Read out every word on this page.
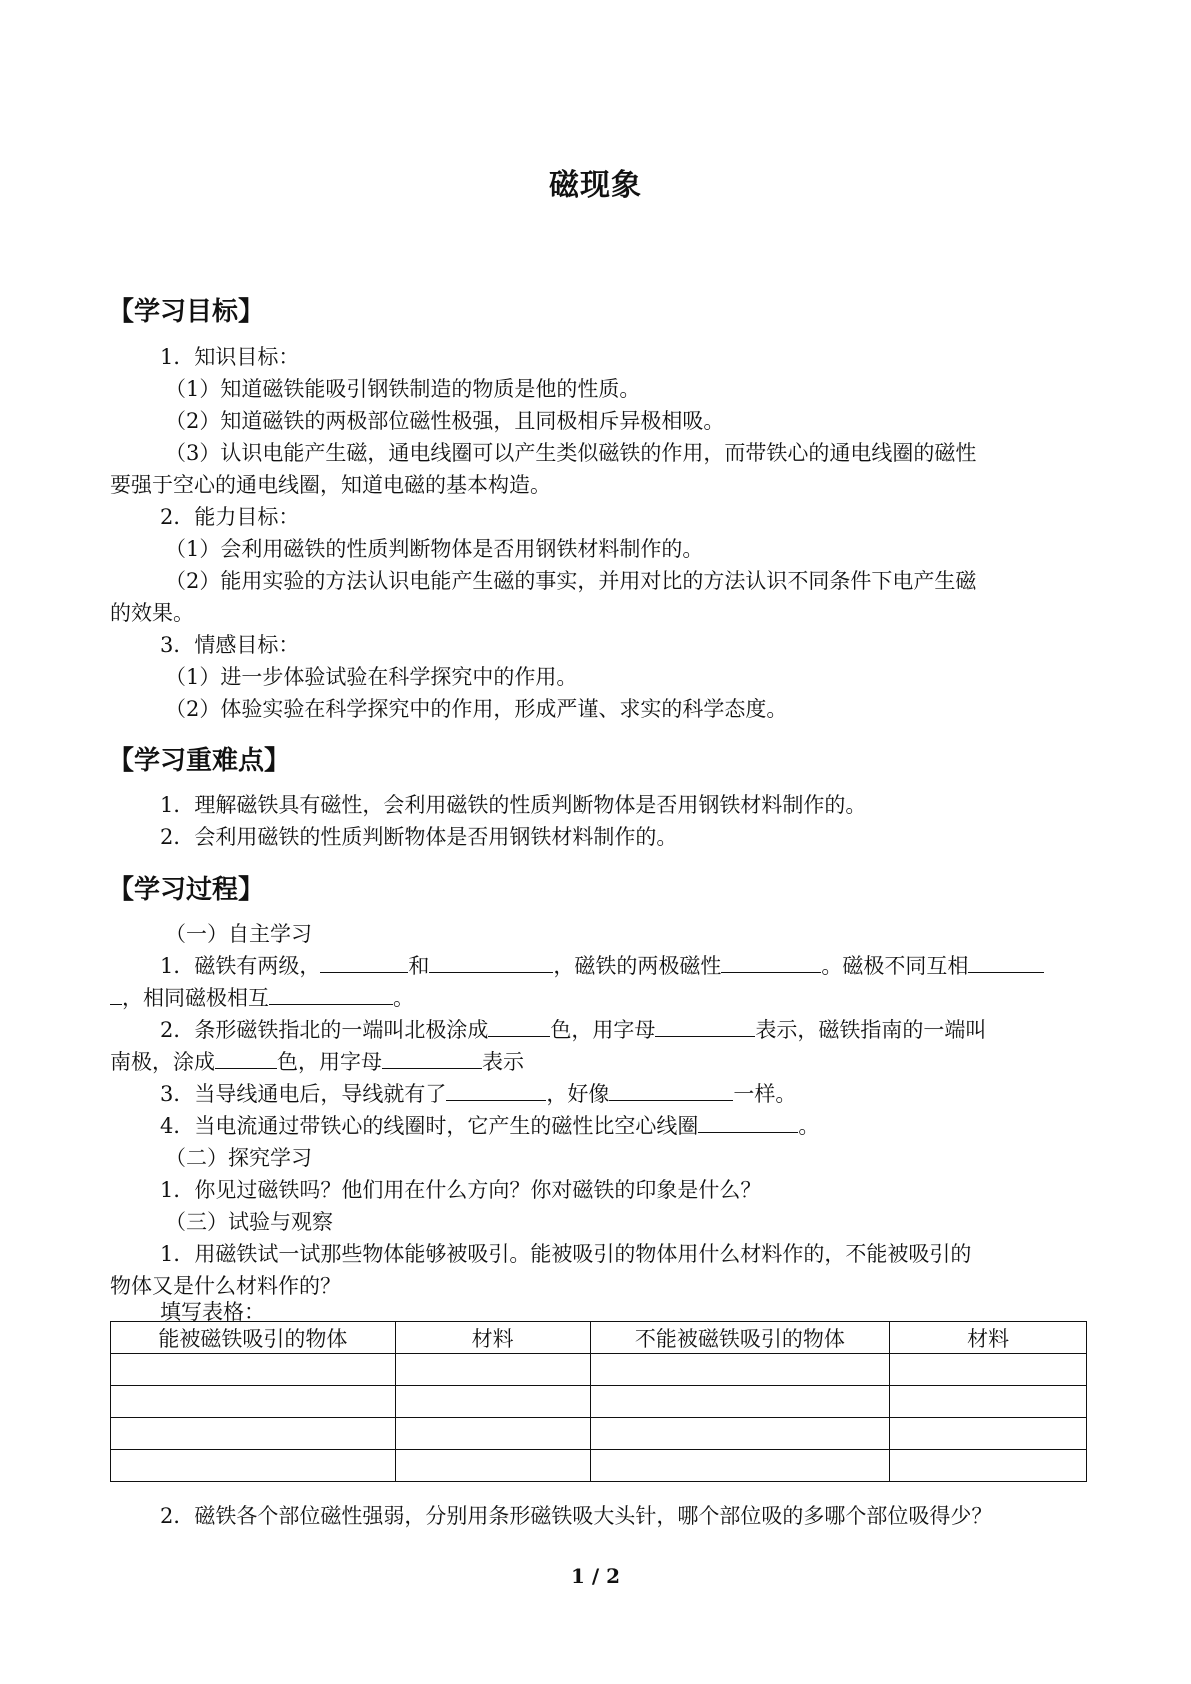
磁现象
【学习目标】
1．知识目标：
（1）知道磁铁能吸引钢铁制造的物质是他的性质。
（2）知道磁铁的两极部位磁性极强，且同极相斥异极相吸。
（3）认识电能产生磁，通电线圈可以产生类似磁铁的作用，而带铁心的通电线圈的磁性
要强于空心的通电线圈，知道电磁的基本构造。
2．能力目标：
（1）会利用磁铁的性质判断物体是否用钢铁材料制作的。
（2）能用实验的方法认识电能产生磁的事实，并用对比的方法认识不同条件下电产生磁
的效果。
3．情感目标：
（1）进一步体验试验在科学探究中的作用。
（2）体验实验在科学探究中的作用，形成严谨、求实的科学态度。
【学习重难点】
1．理解磁铁具有磁性，会利用磁铁的性质判断物体是否用钢铁材料制作的。
2．会利用磁铁的性质判断物体是否用钢铁材料制作的。
【学习过程】
（一）自主学习
1．磁铁有两级，	和	，磁铁的两极磁性	。磁极不同互相
，相同磁极相互	。
2．条形磁铁指北的一端叫北极涂成	色，用字母	表示，磁铁指南的一端叫
南极，涂成	色，用字母	表示
3．当导线通电后，导线就有了	，好像	一样。
4．当电流通过带铁心的线圈时，它产生的磁性比空心线圈	。
（二）探究学习
1．你见过磁铁吗？他们用在什么方向？你对磁铁的印象是什么？
（三）试验与观察
1．用磁铁试一试那些物体能够被吸引。能被吸引的物体用什么材料作的，不能被吸引的
物体又是什么材料作的？
填写表格：
能被磁铁吸引的物体	材料	不能被磁铁吸引的物体	材料

2．磁铁各个部位磁性强弱，分别用条形磁铁吸大头针，哪个部位吸的多哪个部位吸得少？
1 / 2
